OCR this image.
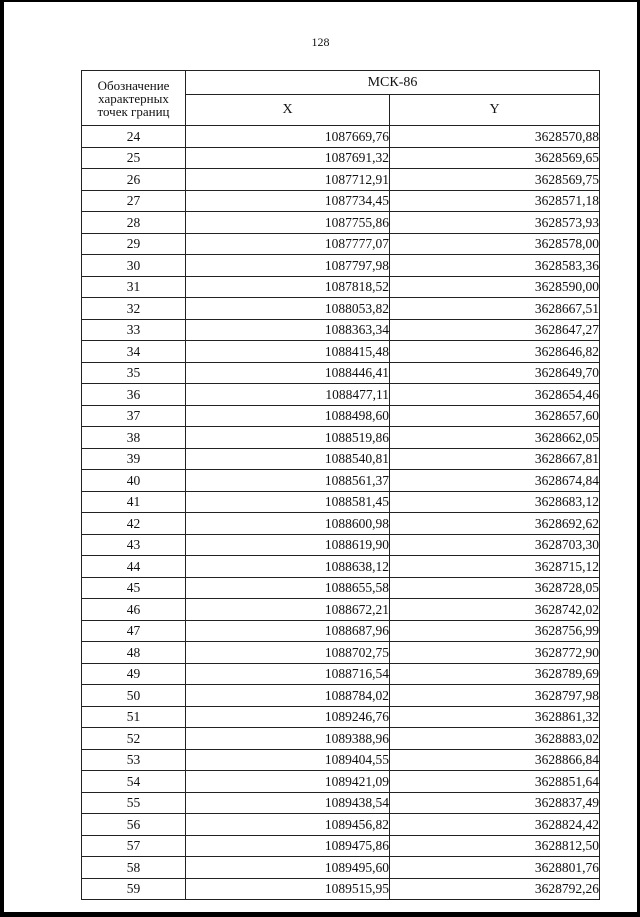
128
Обозначение характерных точек границ	МСК-86	
	X	Y
24	1087669,76	3628570,88
25	1087691,32	3628569,65
26	1087712,91	3628569,75
27	1087734,45	3628571,18
28	1087755,86	3628573,93
29	1087777,07	3628578,00
30	1087797,98	3628583,36
31	1087818,52	3628590,00
32	1088053,82	3628667,51
33	1088363,34	3628647,27
34	1088415,48	3628646,82
35	1088446,41	3628649,70
36	1088477,11	3628654,46
37	1088498,60	3628657,60
38	1088519,86	3628662,05
39	1088540,81	3628667,81
40	1088561,37	3628674,84
41	1088581,45	3628683,12
42	1088600,98	3628692,62
43	1088619,90	3628703,30
44	1088638,12	3628715,12
45	1088655,58	3628728,05
46	1088672,21	3628742,02
47	1088687,96	3628756,99
48	1088702,75	3628772,90
49	1088716,54	3628789,69
50	1088784,02	3628797,98
51	1089246,76	3628861,32
52	1089388,96	3628883,02
53	1089404,55	3628866,84
54	1089421,09	3628851,64
55	1089438,54	3628837,49
56	1089456,82	3628824,42
57	1089475,86	3628812,50
58	1089495,60	3628801,76
59	1089515,95	3628792,26
